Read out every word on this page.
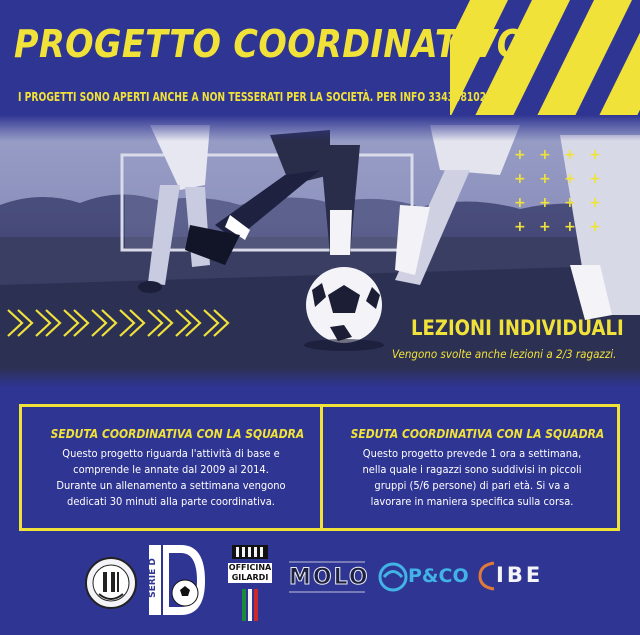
PROGETTO COORDINATIVO
I PROGETTI SONO APERTI ANCHE A NON TESSERATI PER LA SOCIETÀ. PER INFO 3343481025
+ + + +
+ + + +
+ + + +
+ + + +
LEZIONI INDIVIDUALI
Vengono svolte anche lezioni a 2/3 ragazzi.
SEDUTA COORDINATIVA CON LA SQUADRA
Questo progetto riguarda l'attività di base e
comprende le annate dal 2009 al 2014.
Durante un allenamento a settimana vengono
dedicati 30 minuti alla parte coordinativa.
SEDUTA COORDINATIVA CON LA SQUADRA
Questo progetto prevede 1 ora a settimana,
nella quale i ragazzi sono suddivisi in piccoli
gruppi (5/6 persone) di pari età. Si va a
lavorare in maniera specifica sulla corsa.
SERIE D	OFFICINA GILARDI MOLO P&CO IBE
